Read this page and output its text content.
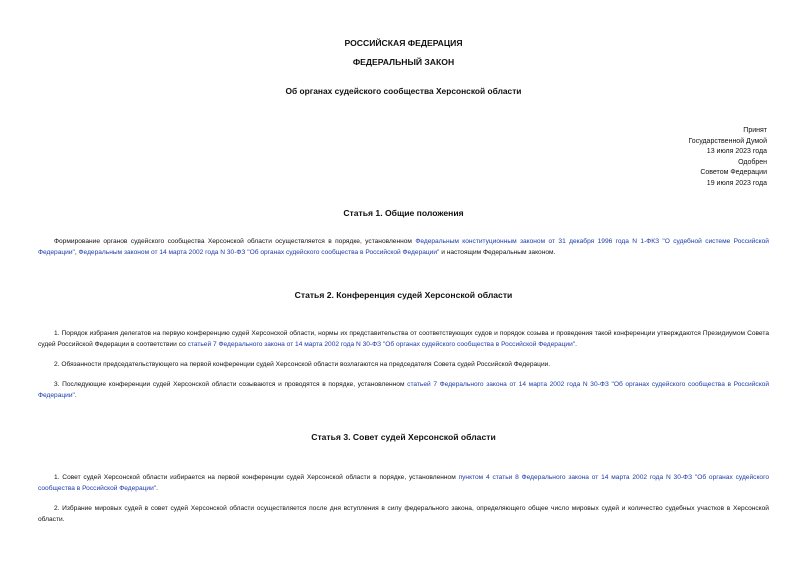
РОССИЙСКАЯ ФЕДЕРАЦИЯ
ФЕДЕРАЛЬНЫЙ ЗАКОН
Об органах судейского сообщества Херсонской области
Принят
Государственной Думой
13 июля 2023 года
Одобрен
Советом Федерации
19 июля 2023 года
Статья 1. Общие положения
Формирование органов судейского сообщества Херсонской области осуществляется в порядке, установленном Федеральным конституционным законом от 31 декабря 1996 года N 1-ФКЗ "О судебной системе Российской Федерации", Федеральным законом от 14 марта 2002 года N 30-ФЗ "Об органах судейского сообщества в Российской Федерации" и настоящим Федеральным законом.
Статья 2. Конференция судей Херсонской области
1. Порядок избрания делегатов на первую конференцию судей Херсонской области, нормы их представительства от соответствующих судов и порядок созыва и проведения такой конференции утверждаются Президиумом Совета судей Российской Федерации в соответствии со статьей 7 Федерального закона от 14 марта 2002 года N 30-ФЗ "Об органах судейского сообщества в Российской Федерации".
2. Обязанности председательствующего на первой конференции судей Херсонской области возлагаются на председателя Совета судей Российской Федерации.
3. Последующие конференции судей Херсонской области созываются и проводятся в порядке, установленном статьей 7 Федерального закона от 14 марта 2002 года N 30-ФЗ "Об органах судейского сообщества в Российской Федерации".
Статья 3. Совет судей Херсонской области
1. Совет судей Херсонской области избирается на первой конференции судей Херсонской области в порядке, установленном пунктом 4 статьи 8 Федерального закона от 14 марта 2002 года N 30-ФЗ "Об органах судейского сообщества в Российской Федерации".
2. Избрание мировых судей в совет судей Херсонской области осуществляется после дня вступления в силу федерального закона, определяющего общее число мировых судей и количество судебных участков в Херсонской области.
